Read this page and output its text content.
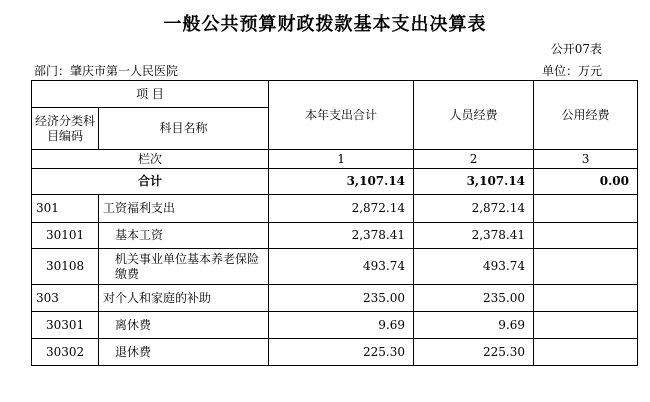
一般公共预算财政拨款基本支出决算表
公开07表
部门：肇庆市第一人民医院	单位：万元
项 目		本年支出合计	人员经费	公用经费
经济分类科目编码	科目名称			
栏次		1	2	3
合计		3,107.14	3,107.14	0.00
301	工资福利支出	2,872.14	2,872.14	
30101	基本工资	2,378.41	2,378.41	
30108	机关事业单位基本养老保险缴费	493.74	493.74	
303	对个人和家庭的补助	235.00	235.00	
30301	离休费	9.69	9.69	
30302	退休费	225.30	225.30	
